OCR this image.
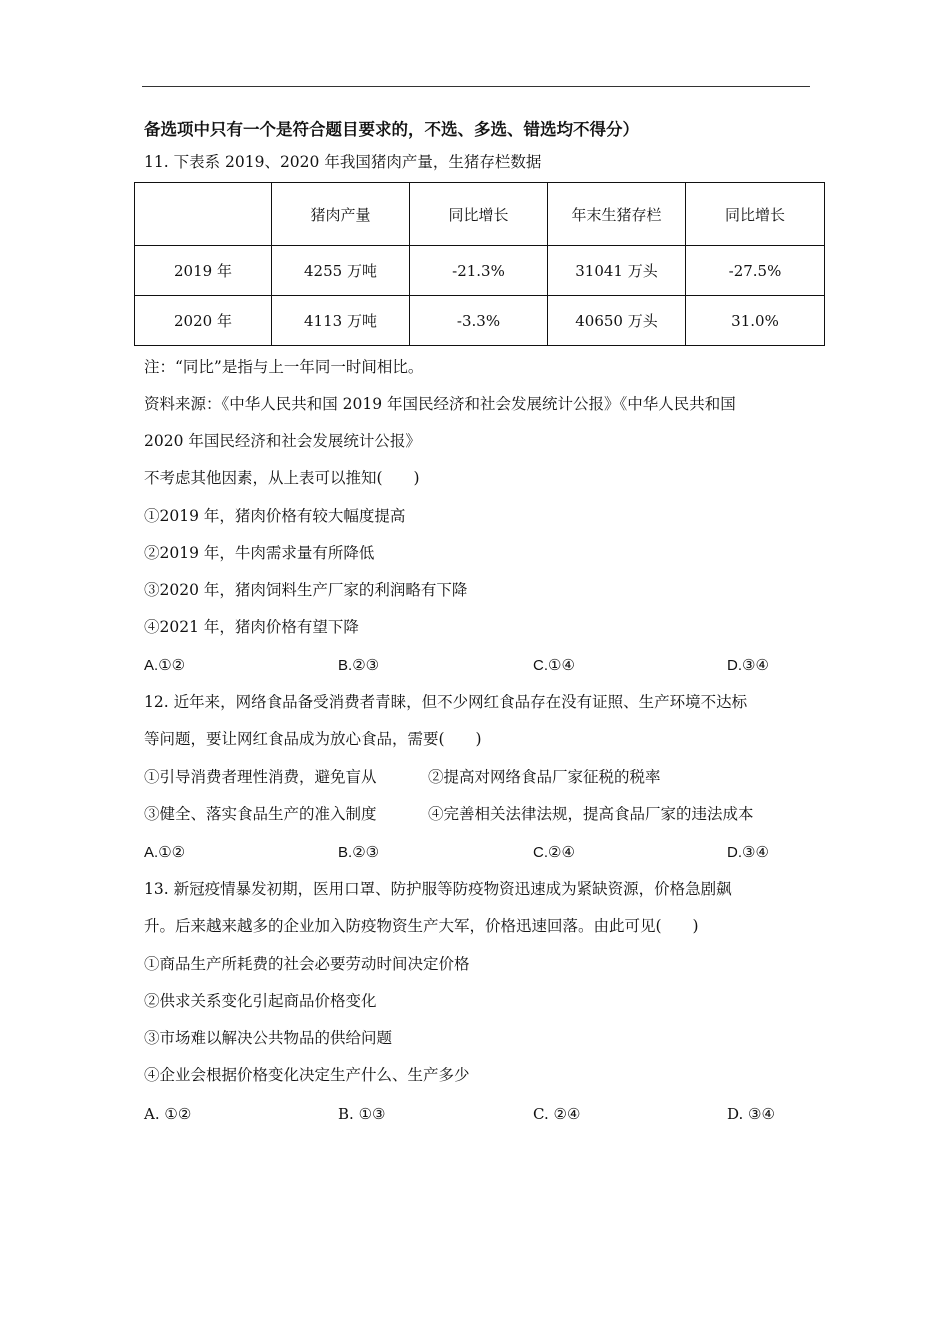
备选项中只有一个是符合题目要求的，不选、多选、错选均不得分）
11. 下表系 2019、2020 年我国猪肉产量，生猪存栏数据
	猪肉产量	同比增长	年末生猪存栏	同比增长
2019 年	4255 万吨	-21.3%	31041 万头	-27.5%
2020 年	4113 万吨	-3.3%	40650 万头	31.0%
注：“同比”是指与上一年同一时间相比。
资料来源：《中华人民共和国 2019 年国民经济和社会发展统计公报》《中华人民共和国
2020 年国民经济和社会发展统计公报》
不考虑其他因素，从上表可以推知(　　)
①2019 年，猪肉价格有较大幅度提高
②2019 年，牛肉需求量有所降低
③2020 年，猪肉饲料生产厂家的利润略有下降
④2021 年，猪肉价格有望下降
A.①②	B.②③	C.①④	D.③④
12. 近年来，网络食品备受消费者青睐，但不少网红食品存在没有证照、生产环境不达标
等问题，要让网红食品成为放心食品，需要(　　)
①引导消费者理性消费，避免盲从	②提高对网络食品厂家征税的税率
③健全、落实食品生产的准入制度	④完善相关法律法规，提高食品厂家的违法成本
A.①②	B.②③	C.②④	D.③④
13. 新冠疫情暴发初期，医用口罩、防护服等防疫物资迅速成为紧缺资源，价格急剧飙
升。后来越来越多的企业加入防疫物资生产大军，价格迅速回落。由此可见(　　)
①商品生产所耗费的社会必要劳动时间决定价格
②供求关系变化引起商品价格变化
③市场难以解决公共物品的供给问题
④企业会根据价格变化决定生产什么、生产多少
A. ①②	B. ①③	C. ②④	D. ③④
